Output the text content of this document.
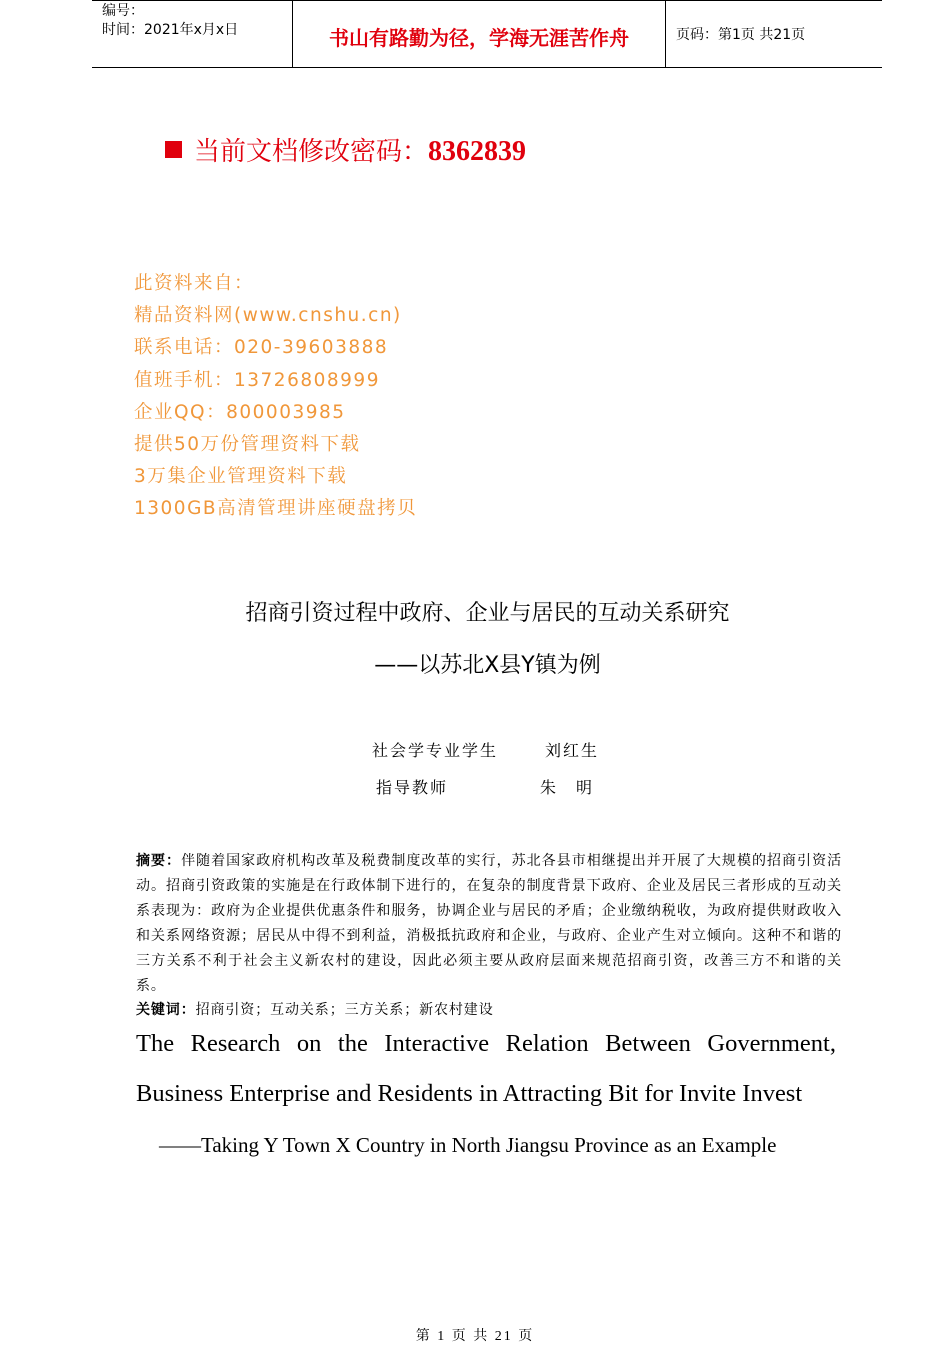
编号：
时间：2021年x月x日	书山有路勤为径，学海无涯苦作舟	页码：第1页 共21页
当前文档修改密码：8362839
此资料来自：
精品资料网(www.cnshu.cn)
联系电话：020-39603888
值班手机：13726808999
企业QQ：800003985
提供50万份管理资料下载
3万集企业管理资料下载
1300GB高清管理讲座硬盘拷贝
招商引资过程中政府、企业与居民的互动关系研究
——以苏北X县Y镇为例
社会学专业学生	刘红生
指导教师	朱　明
摘要：伴随着国家政府机构改革及税费制度改革的实行，苏北各县市相继提出并开展了大规模的招商引资活动。招商引资政策的实施是在行政体制下进行的，在复杂的制度背景下政府、企业及居民三者形成的互动关系表现为：政府为企业提供优惠条件和服务，协调企业与居民的矛盾；企业缴纳税收，为政府提供财政收入和关系网络资源；居民从中得不到利益，消极抵抗政府和企业，与政府、企业产生对立倾向。这种不和谐的三方关系不利于社会主义新农村的建设，因此必须主要从政府层面来规范招商引资，改善三方不和谐的关系。
关键词：招商引资；互动关系；三方关系；新农村建设
The Research on the Interactive Relation Between Government,
Business Enterprise and Residents in Attracting Bit for Invite Invest
——Taking Y Town X Country in North Jiangsu Province as an Example
第 1 页 共 21 页
